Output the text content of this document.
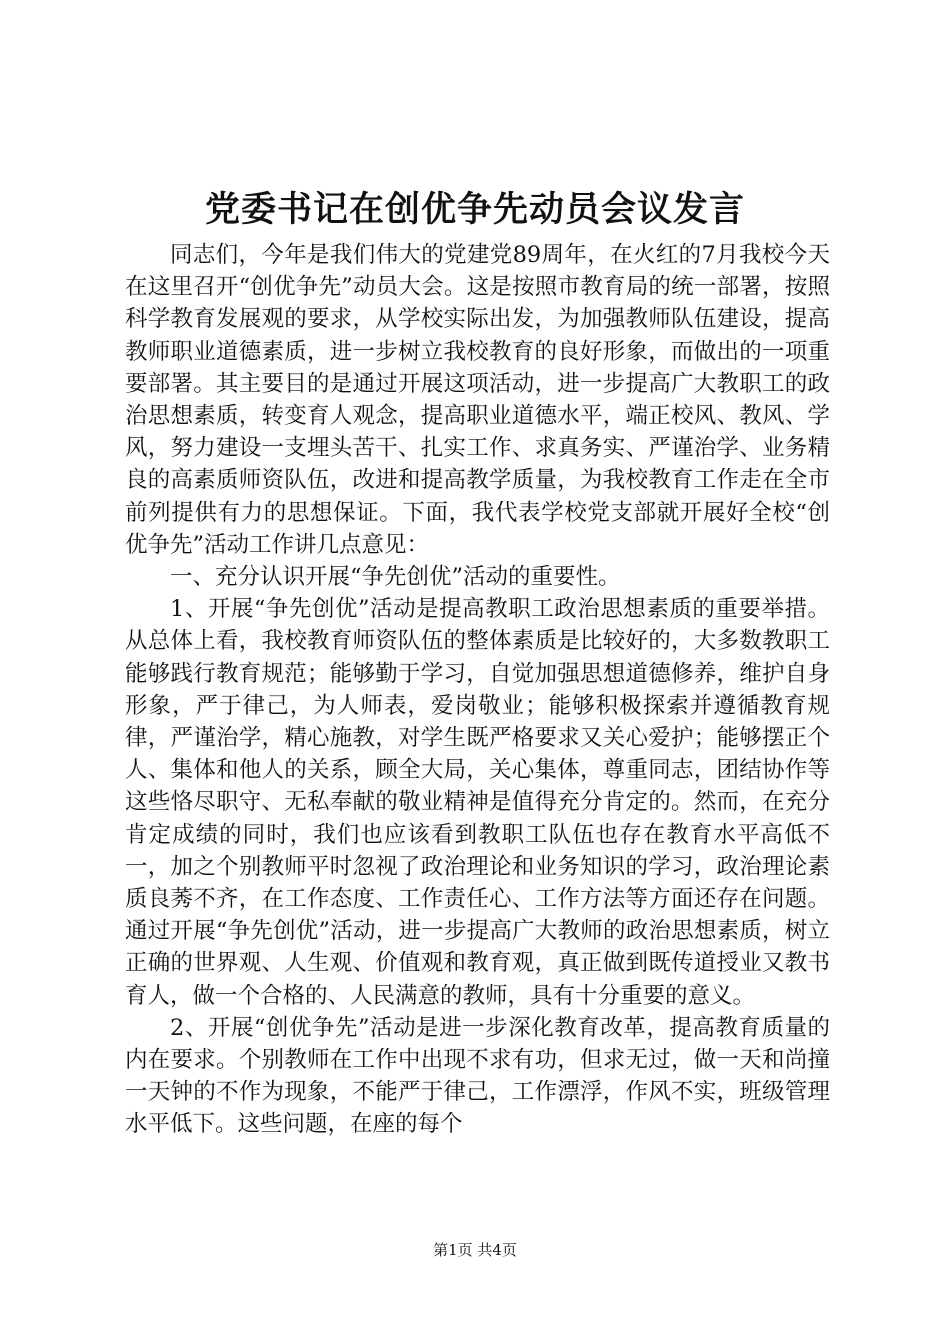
党委书记在创优争先动员会议发言

同志们，今年是我们伟大的党建党89周年，在火红的7月我校今天在这里召开“创优争先”动员大会。这是按照市教育局的统一部署，按照科学教育发展观的要求，从学校实际出发，为加强教师队伍建设，提高教师职业道德素质，进一步树立我校教育的良好形象，而做出的一项重要部署。其主要目的是通过开展这项活动，进一步提高广大教职工的政治思想素质，转变育人观念，提高职业道德水平，端正校风、教风、学风，努力建设一支埋头苦干、扎实工作、求真务实、严谨治学、业务精良的高素质师资队伍，改进和提高教学质量，为我校教育工作走在全市前列提供有力的思想保证。下面，我代表学校党支部就开展好全校“创优争先”活动工作讲几点意见：

一、充分认识开展“争先创优”活动的重要性。

1、开展“争先创优”活动是提高教职工政治思想素质的重要举措。从总体上看，我校教育师资队伍的整体素质是比较好的，大多数教职工能够践行教育规范；能够勤于学习，自觉加强思想道德修养，维护自身形象，严于律己，为人师表，爱岗敬业；能够积极探索并遵循教育规律，严谨治学，精心施教，对学生既严格要求又关心爱护；能够摆正个人、集体和他人的关系，顾全大局，关心集体，尊重同志，团结协作等这些恪尽职守、无私奉献的敬业精神是值得充分肯定的。然而，在充分肯定成绩的同时，我们也应该看到教职工队伍也存在教育水平高低不一，加之个别教师平时忽视了政治理论和业务知识的学习，政治理论素质良莠不齐，在工作态度、工作责任心、工作方法等方面还存在问题。通过开展“争先创优”活动，进一步提高广大教师的政治思想素质，树立正确的世界观、人生观、价值观和教育观，真正做到既传道授业又教书育人，做一个合格的、人民满意的教师，具有十分重要的意义。

2、开展“创优争先”活动是进一步深化教育改革，提高教育质量的内在要求。个别教师在工作中出现不求有功，但求无过，做一天和尚撞一天钟的不作为现象，不能严于律己，工作漂浮，作风不实，班级管理水平低下。这些问题，在座的每个

第1页 共4页
